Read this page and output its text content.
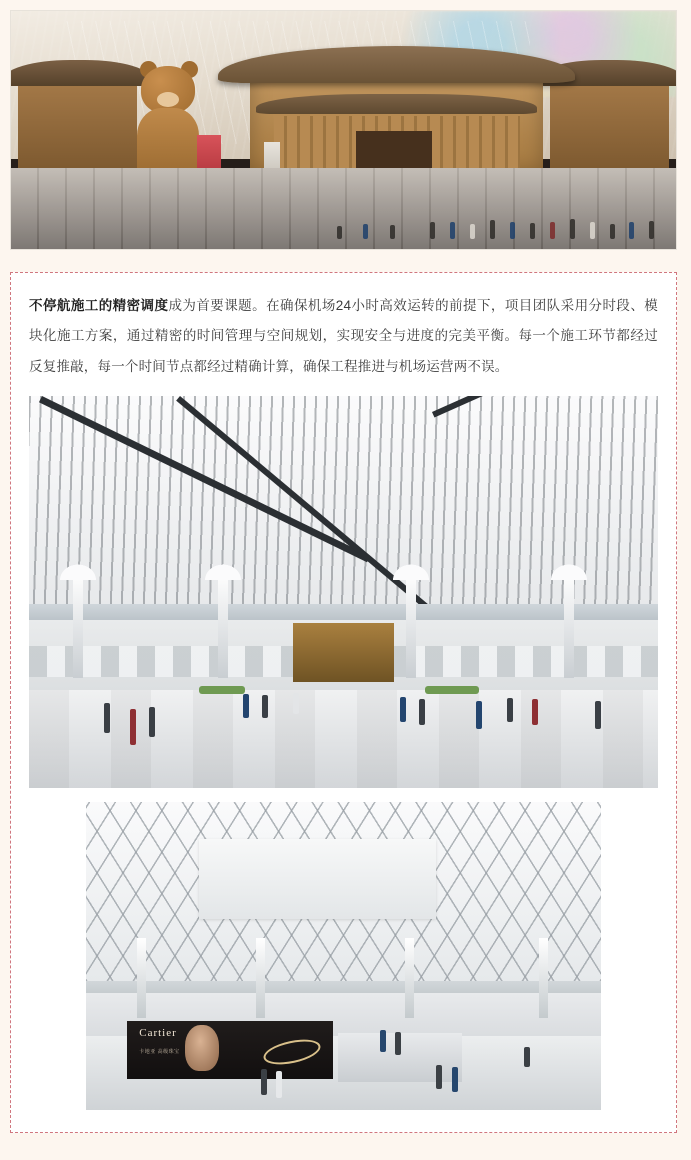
不停航施工的精密调度成为首要课题。在确保机场24小时高效运转的前提下，项目团队采用分时段、模块化施工方案，通过精密的时间管理与空间规划，实现安全与进度的完美平衡。每一个施工环节都经过反复推敲，每一个时间节点都经过精确计算，确保工程推进与机场运营两不误。

Cartier
卡地亚 高级珠宝
